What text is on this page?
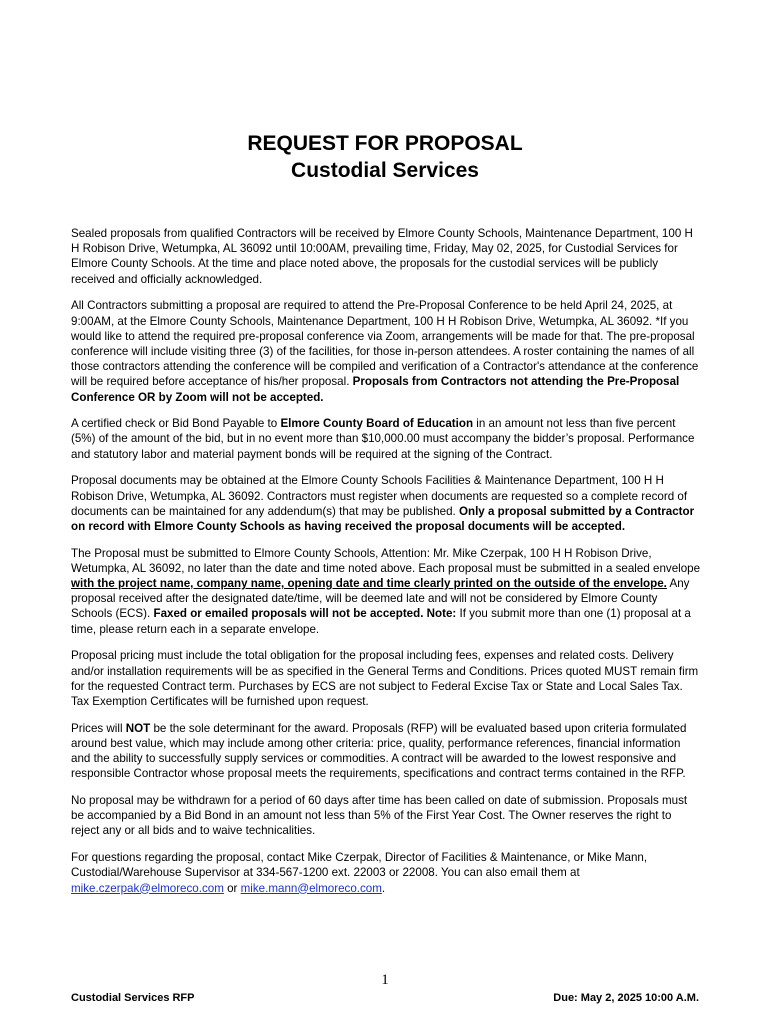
REQUEST FOR PROPOSAL
Custodial Services

Sealed proposals from qualified Contractors will be received by Elmore County Schools, Maintenance Department, 100 H H Robison Drive, Wetumpka, AL 36092 until 10:00AM, prevailing time, Friday, May 02, 2025, for Custodial Services for Elmore County Schools. At the time and place noted above, the proposals for the custodial services will be publicly received and officially acknowledged.

All Contractors submitting a proposal are required to attend the Pre-Proposal Conference to be held April 24, 2025, at 9:00AM, at the Elmore County Schools, Maintenance Department, 100 H H Robison Drive, Wetumpka, AL 36092. *If you would like to attend the required pre-proposal conference via Zoom, arrangements will be made for that. The pre-proposal conference will include visiting three (3) of the facilities, for those in-person attendees. A roster containing the names of all those contractors attending the conference will be compiled and verification of a Contractor's attendance at the conference will be required before acceptance of his/her proposal. Proposals from Contractors not attending the Pre-Proposal Conference OR by Zoom will not be accepted.

A certified check or Bid Bond Payable to Elmore County Board of Education in an amount not less than five percent (5%) of the amount of the bid, but in no event more than $10,000.00 must accompany the bidder’s proposal. Performance and statutory labor and material payment bonds will be required at the signing of the Contract.

Proposal documents may be obtained at the Elmore County Schools Facilities & Maintenance Department, 100 H H Robison Drive, Wetumpka, AL 36092. Contractors must register when documents are requested so a complete record of documents can be maintained for any addendum(s) that may be published. Only a proposal submitted by a Contractor on record with Elmore County Schools as having received the proposal documents will be accepted.

The Proposal must be submitted to Elmore County Schools, Attention: Mr. Mike Czerpak, 100 H H Robison Drive, Wetumpka, AL 36092, no later than the date and time noted above. Each proposal must be submitted in a sealed envelope with the project name, company name, opening date and time clearly printed on the outside of the envelope. Any proposal received after the designated date/time, will be deemed late and will not be considered by Elmore County Schools (ECS). Faxed or emailed proposals will not be accepted. Note: If you submit more than one (1) proposal at a time, please return each in a separate envelope.

Proposal pricing must include the total obligation for the proposal including fees, expenses and related costs. Delivery and/or installation requirements will be as specified in the General Terms and Conditions. Prices quoted MUST remain firm for the requested Contract term. Purchases by ECS are not subject to Federal Excise Tax or State and Local Sales Tax. Tax Exemption Certificates will be furnished upon request.

Prices will NOT be the sole determinant for the award. Proposals (RFP) will be evaluated based upon criteria formulated around best value, which may include among other criteria: price, quality, performance references, financial information and the ability to successfully supply services or commodities. A contract will be awarded to the lowest responsive and responsible Contractor whose proposal meets the requirements, specifications and contract terms contained in the RFP.

No proposal may be withdrawn for a period of 60 days after time has been called on date of submission. Proposals must be accompanied by a Bid Bond in an amount not less than 5% of the First Year Cost. The Owner reserves the right to reject any or all bids and to waive technicalities.

For questions regarding the proposal, contact Mike Czerpak, Director of Facilities & Maintenance, or Mike Mann, Custodial/Warehouse Supervisor at 334-567-1200 ext. 22003 or 22008. You can also email them at mike.czerpak@elmoreco.com or mike.mann@elmoreco.com.

1
Custodial Services RFP	Due: May 2, 2025 10:00 A.M.
